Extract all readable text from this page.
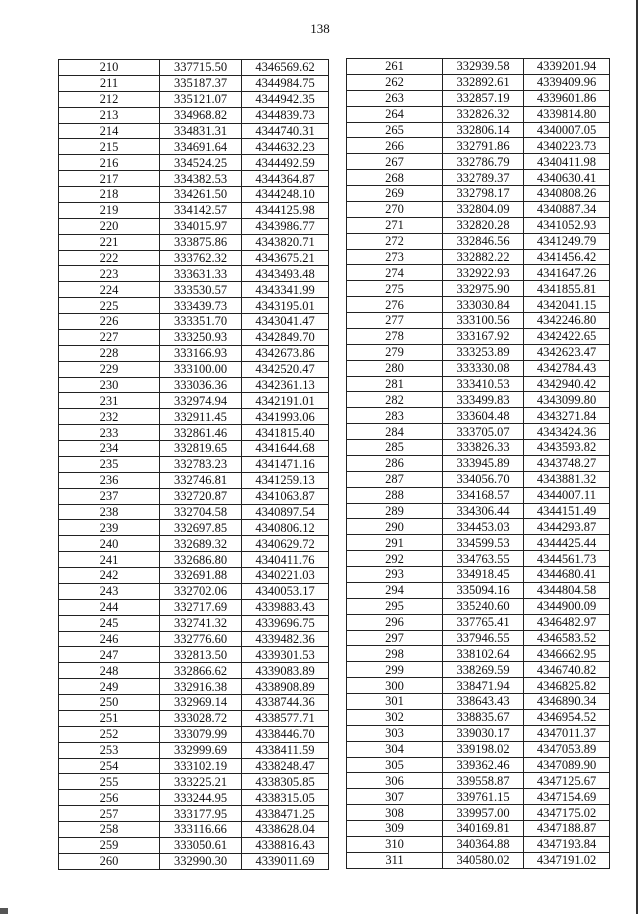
138
210	337715.50	4346569.62
211	335187.37	4344984.75
212	335121.07	4344942.35
213	334968.82	4344839.73
214	334831.31	4344740.31
215	334691.64	4344632.23
216	334524.25	4344492.59
217	334382.53	4344364.87
218	334261.50	4344248.10
219	334142.57	4344125.98
220	334015.97	4343986.77
221	333875.86	4343820.71
222	333762.32	4343675.21
223	333631.33	4343493.48
224	333530.57	4343341.99
225	333439.73	4343195.01
226	333351.70	4343041.47
227	333250.93	4342849.70
228	333166.93	4342673.86
229	333100.00	4342520.47
230	333036.36	4342361.13
231	332974.94	4342191.01
232	332911.45	4341993.06
233	332861.46	4341815.40
234	332819.65	4341644.68
235	332783.23	4341471.16
236	332746.81	4341259.13
237	332720.87	4341063.87
238	332704.58	4340897.54
239	332697.85	4340806.12
240	332689.32	4340629.72
241	332686.80	4340411.76
242	332691.88	4340221.03
243	332702.06	4340053.17
244	332717.69	4339883.43
245	332741.32	4339696.75
246	332776.60	4339482.36
247	332813.50	4339301.53
248	332866.62	4339083.89
249	332916.38	4338908.89
250	332969.14	4338744.36
251	333028.72	4338577.71
252	333079.99	4338446.70
253	332999.69	4338411.59
254	333102.19	4338248.47
255	333225.21	4338305.85
256	333244.95	4338315.05
257	333177.95	4338471.25
258	333116.66	4338628.04
259	333050.61	4338816.43
260	332990.30	4339011.69
261	332939.58	4339201.94
262	332892.61	4339409.96
263	332857.19	4339601.86
264	332826.32	4339814.80
265	332806.14	4340007.05
266	332791.86	4340223.73
267	332786.79	4340411.98
268	332789.37	4340630.41
269	332798.17	4340808.26
270	332804.09	4340887.34
271	332820.28	4341052.93
272	332846.56	4341249.79
273	332882.22	4341456.42
274	332922.93	4341647.26
275	332975.90	4341855.81
276	333030.84	4342041.15
277	333100.56	4342246.80
278	333167.92	4342422.65
279	333253.89	4342623.47
280	333330.08	4342784.43
281	333410.53	4342940.42
282	333499.83	4343099.80
283	333604.48	4343271.84
284	333705.07	4343424.36
285	333826.33	4343593.82
286	333945.89	4343748.27
287	334056.70	4343881.32
288	334168.57	4344007.11
289	334306.44	4344151.49
290	334453.03	4344293.87
291	334599.53	4344425.44
292	334763.55	4344561.73
293	334918.45	4344680.41
294	335094.16	4344804.58
295	335240.60	4344900.09
296	337765.41	4346482.97
297	337946.55	4346583.52
298	338102.64	4346662.95
299	338269.59	4346740.82
300	338471.94	4346825.82
301	338643.43	4346890.34
302	338835.67	4346954.52
303	339030.17	4347011.37
304	339198.02	4347053.89
305	339362.46	4347089.90
306	339558.87	4347125.67
307	339761.15	4347154.69
308	339957.00	4347175.02
309	340169.81	4347188.87
310	340364.88	4347193.84
311	340580.02	4347191.02
